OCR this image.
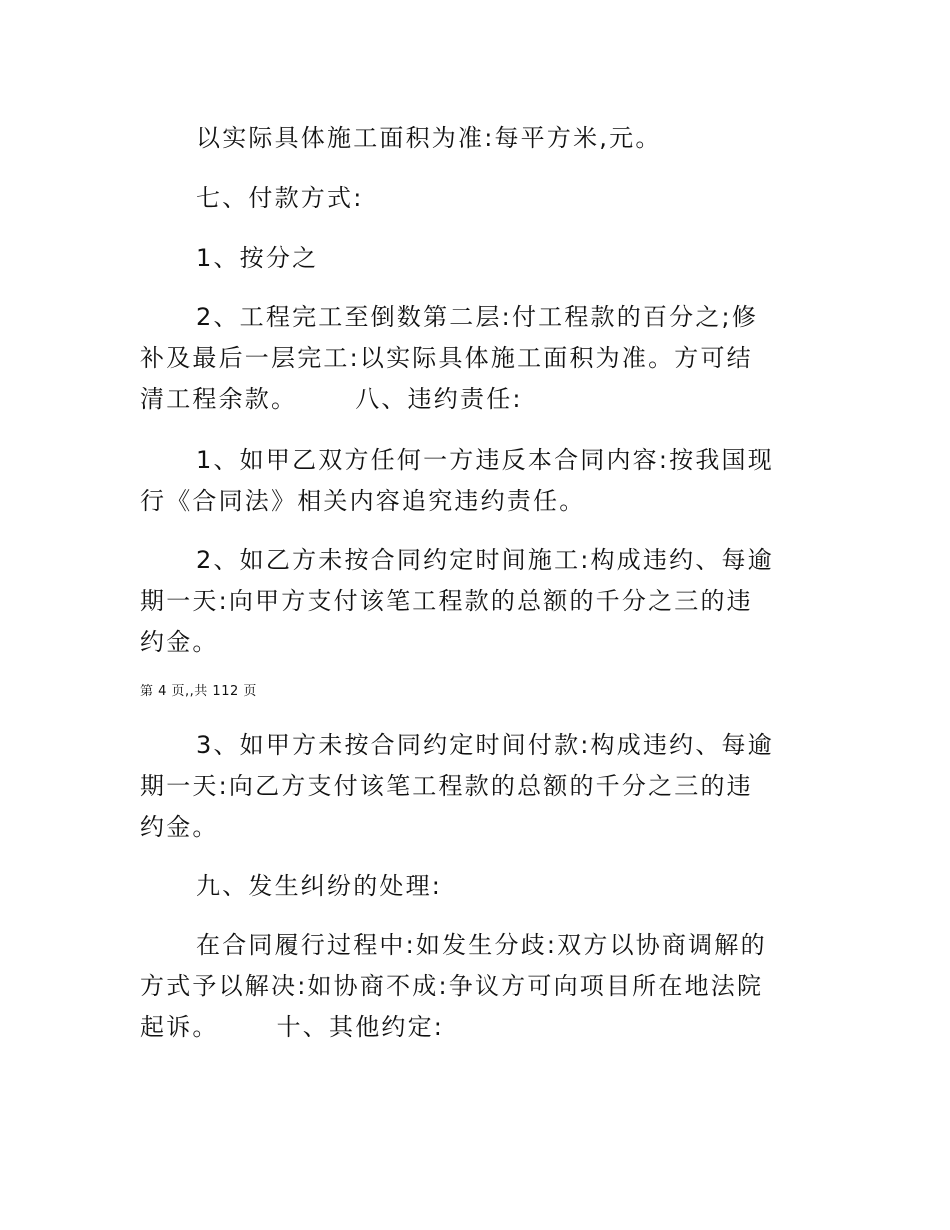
以实际具体施工面积为准:每平方米,元。

七、付款方式:

1、按分之

2、工程完工至倒数第二层:付工程款的百分之;修
补及最后一层完工:以实际具体施工面积为准。方可结
清工程余款。 八、违约责任:

1、如甲乙双方任何一方违反本合同内容:按我国现
行《合同法》相关内容追究违约责任。

2、如乙方未按合同约定时间施工:构成违约、每逾
期一天:向甲方支付该笔工程款的总额的千分之三的违
约金。

第 4 页,,共 112 页

3、如甲方未按合同约定时间付款:构成违约、每逾
期一天:向乙方支付该笔工程款的总额的千分之三的违
约金。

九、发生纠纷的处理:

在合同履行过程中:如发生分歧:双方以协商调解的
方式予以解决:如协商不成:争议方可向项目所在地法院
起诉。 十、其他约定:
